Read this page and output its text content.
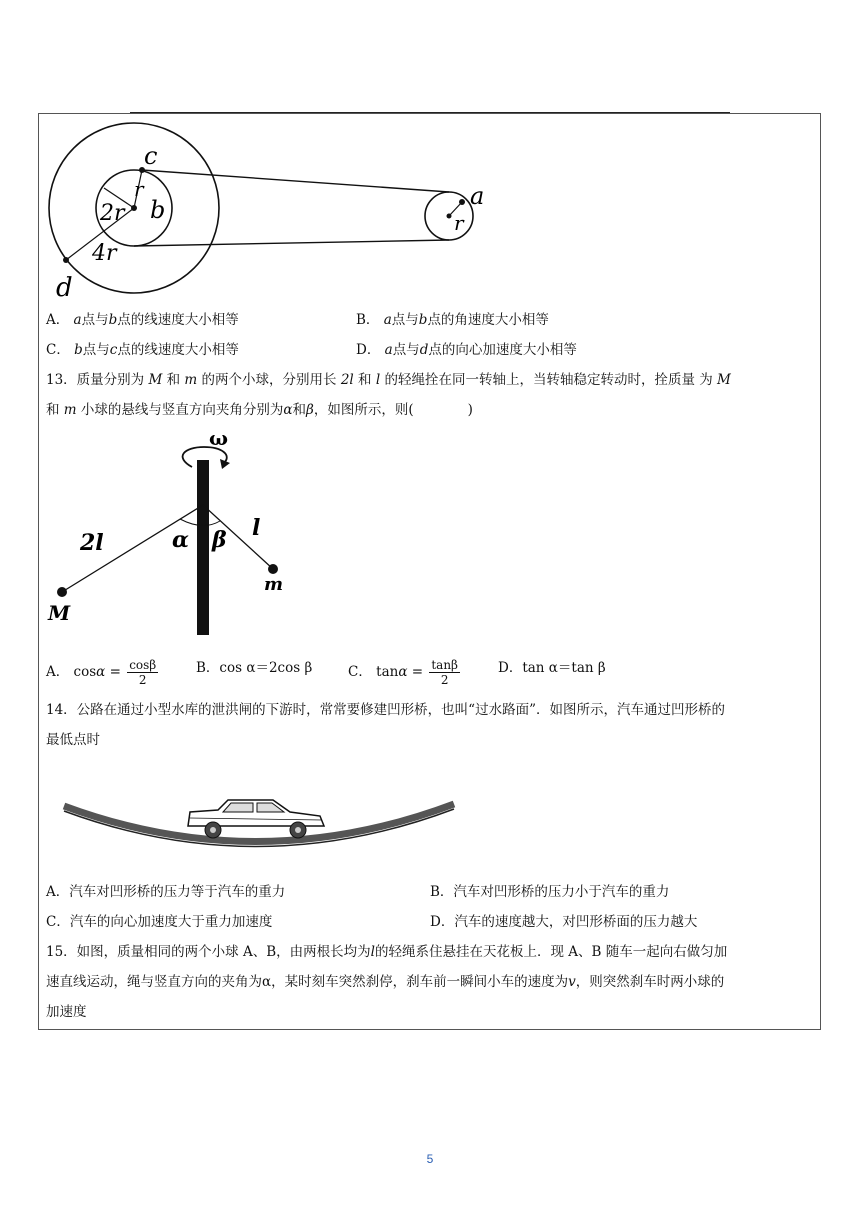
c
r
b
2r
a
r
4r
d
A． a点与b点的线速度大小相等	B． a点与b点的角速度大小相等
C． b点与c点的线速度大小相等	D． a点与d点的向心加速度大小相等
13．质量分别为 M 和 m 的两个小球，分别用长 2l 和 l 的轻绳拴在同一转轴上，当转轴稳定转动时，拴质量 为 M
和 m 小球的悬线与竖直方向夹角分别为α和β，如图所示，则(　　　　)
ω
2l	α β l
m
M
A． $\cos\alpha = \frac{\cos\beta}{2}$	B．cos α＝2cos β	C． $\tan\alpha = \frac{\tan\beta}{2}$	D．tan α＝tan β
14．公路在通过小型水库的泄洪闸的下游时，常常要修建凹形桥，也叫“过水路面”．如图所示，汽车通过凹形桥的
最低点时
A．汽车对凹形桥的压力等于汽车的重力	B．汽车对凹形桥的压力小于汽车的重力
C．汽车的向心加速度大于重力加速度	D．汽车的速度越大，对凹形桥面的压力越大
15．如图，质量相同的两个小球 A、B，由两根长均为l的轻绳系住悬挂在天花板上．现 A、B 随车一起向右做匀加
速直线运动，绳与竖直方向的夹角为α，某时刻车突然刹停，刹车前一瞬间小车的速度为v，则突然刹车时两小球的
加速度
5
